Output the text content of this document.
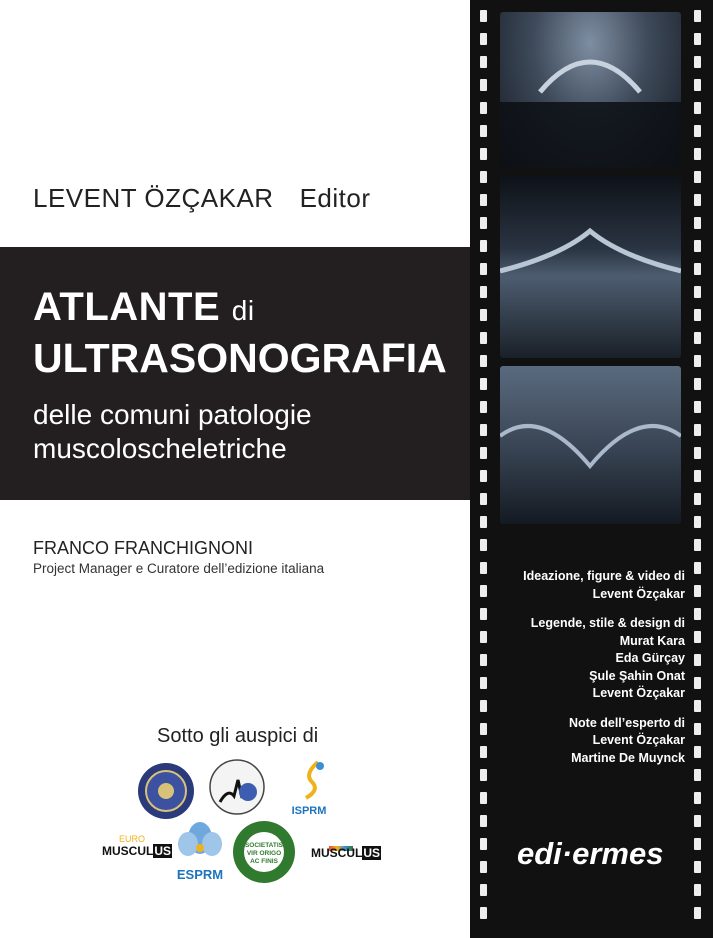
LEVENT ÖZÇAKAR Editor
ATLANTE di
ULTRASONOGRAFIA
delle comuni patologie
muscoloscheletriche
FRANCO FRANCHIGNONI
Project Manager e Curatore dell’edizione italiana
Sotto gli auspici di
ISPRM
EURO
MUSCULUS
ESPRM
SOCIETATIS
VIR ORIGO
AC FINIS
MUSCULUS
Ideazione, figure & video di
Levent Özçakar
Legende, stile & design di
Murat Kara
Eda Gürçay
Şule Şahin Onat
Levent Özçakar
Note dell’esperto di
Levent Özçakar
Martine De Muynck
edi·ermes
